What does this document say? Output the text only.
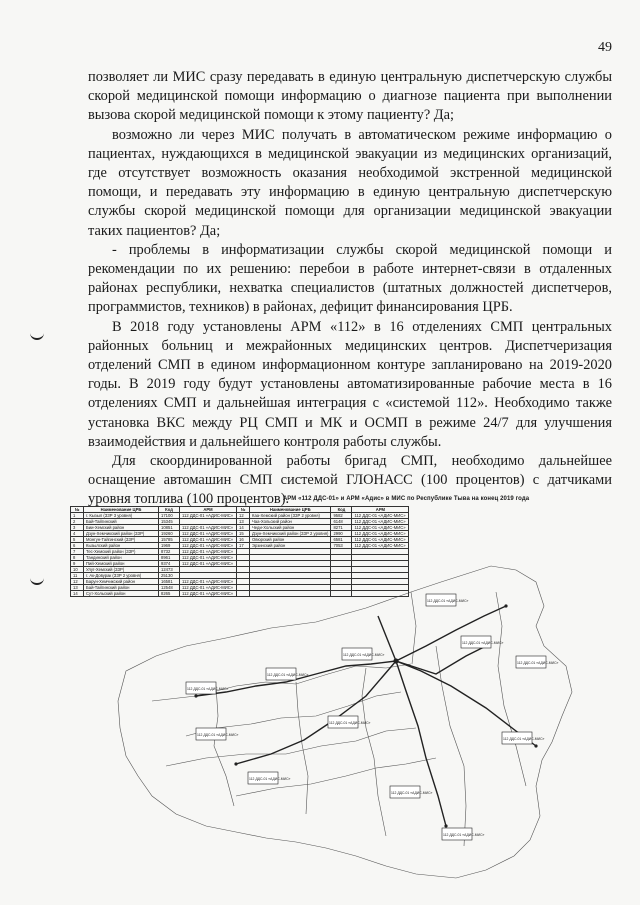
49

позволяет ли МИС сразу передавать в единую центральную диспетчерскую службы скорой медицинской помощи информацию о диагнозе пациента при выполнении вызова скорой медицинской помощи к этому пациенту? Да;

возможно ли через МИС получать в автоматическом режиме информацию о пациентах, нуждающихся в медицинской эвакуации из медицинских организаций, где отсутствует возможность оказания необходимой экстренной медицинской помощи, и передавать эту информацию в единую центральную диспетчерскую службы скорой медицинской помощи для организации медицинской эвакуации таких пациентов? Да;

- проблемы в информатизации службы скорой медицинской помощи и рекомендации по их решению: перебои в работе интернет-связи в отдаленных районах республики, нехватка специалистов (штатных должностей диспетчеров, программистов, техников) в районах, дефицит финансирования ЦРБ.

В 2018 году установлены АРМ «112» в 16 отделениях СМП центральных районных больниц и межрайонных медицинских центров. Диспетчеризация отделений СМП в едином информационном контуре запланировано на 2019-2020 годы. В 2019 году будут установлены автоматизированные рабочие места в 16 отделениях СМП и дальнейшая интеграция с «системой 112». Необходимо также установка ВКС между РЦ СМП и МК и ОСМП в режиме 24/7 для улучшения взаимодействия и дальнейшего контроля работы службы.

Для скоординированной работы бригад СМП, необходимо дальнейшее оснащение автомашин СМП системой ГЛОНАСС (100 процентов) с датчиками уровня топлива (100 процентов).

112 ДДС-01 «АДИС-МИС»
112 ДДС-01 «АДИС-МИС»
112 ДДС-01 «АДИС-МИС»
112 ДДС-01 «АДИС-МИС»
112 ДДС-01 «АДИС-МИС»
112 ДДС-01 «АДИС-МИС»
112 ДДС-01 «АДИС-МИС»
112 ДДС-01 «АДИС-МИС»
112 ДДС-01 «АДИС-МИС»
112 ДДС-01 «АДИС-МИС»
112 ДДС-01 «АДИС-МИС»
112 ДДС-01 «АДИС-МИС»
АРМ «112 ДДС-01» и АРМ «Адис» в МИС по Республике Тыва на конец 2019 года
№	Наименование ЦРБ	Код	АРМ	№	Наименование ЦРБ	Код	АРМ
1	г. Кызыл (ЗЗР 3 уровня)	17100	112 ДДС-01 «АДИС-МИС»	12	Каа-Хемский район (ЗЗР 2 уровня)	9582	112 ДДС-01 «АДИС-МИС»
2	Бай-Тайгинский	15345		13	Чаа-Хольский район	6148	112 ДДС-01 «АДИС-МИС»
3	Бии-Хемский район	10851	112 ДДС-01 «АДИС-МИС»	14	Чеди-Хольский район	8271	112 ДДС-01 «АДИС-МИС»
4	Дзун-Хемчикский район (ЗЗР)	19260	112 ДДС-01 «АДИС-МИС»	15	Дзун-Хемчикский район (ЗЗР 2 уровня)	2990	112 ДДС-01 «АДИС-МИС»
5	Монгун-Тайгинский (ЗЗР)	15785	112 ДДС-01 «АДИС-МИС»	16	Овюрский район	6581	112 ДДС-01 «АДИС-МИС»
6	Кызылский район	1969	112 ДДС-01 «АДИС-МИС»	17	Эрзинский район	7053	112 ДДС-01 «АДИС-МИС»
7	Тес-Хемский район (ЗЗР)	8732	112 ДДС-01 «АДИС-МИС»				
8	Тандинский район	8961	112 ДДС-01 «АДИС-МИС»				
9	Пий-Хемский район	9374	112 ДДС-01 «АДИС-МИС»				
10	Улуг-Хемский (ЗЗР)	12473					
11	г. Ак-Довурак (ЗЗР 2 уровня)	25130					
12	Барун-Хемчикский район	16581	112 ДДС-01 «АДИС-МИС»				
13	Бай-Тайгинский район	12548	112 ДДС-01 «АДИС-МИС»				
14	Сут-Хольский район	8265	112 ДДС-01 «АДИС-МИС»				
